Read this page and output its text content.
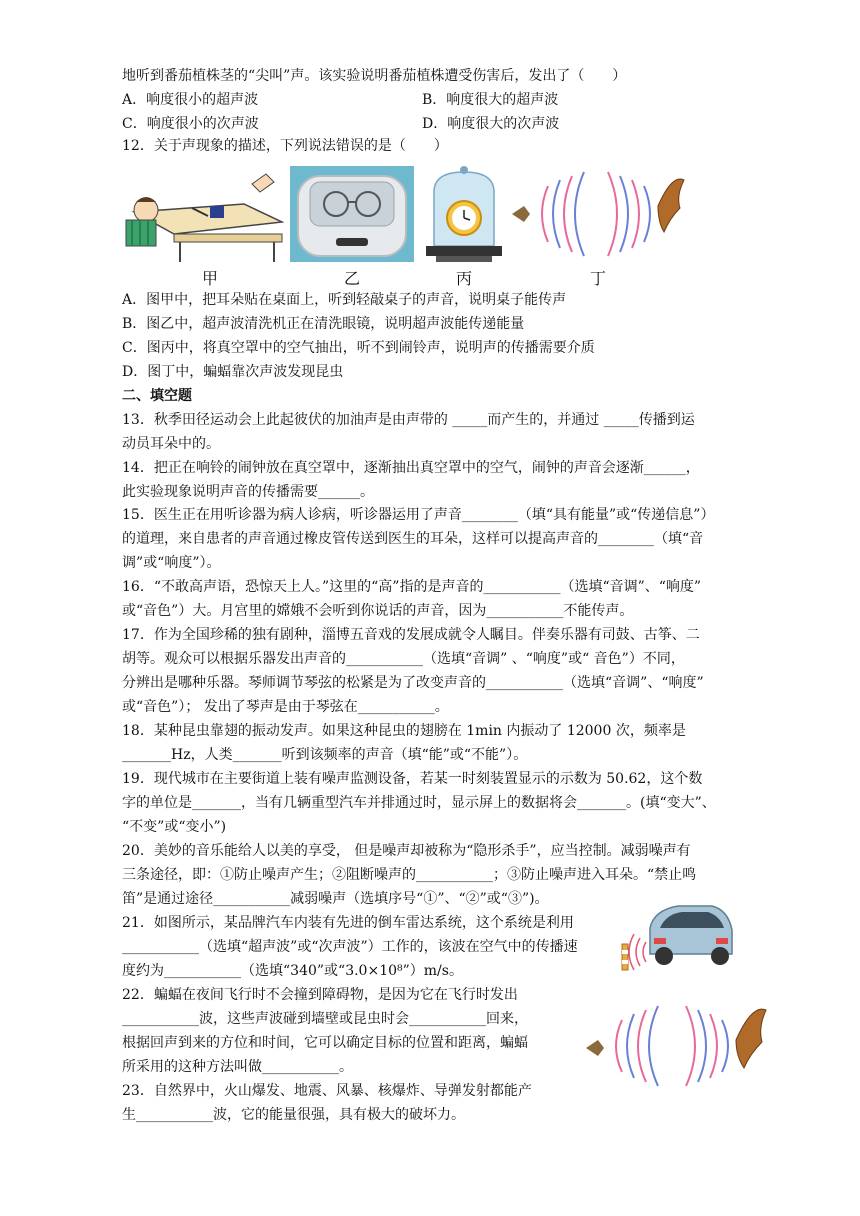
地听到番茄植株茎的“尖叫”声。该实验说明番茄植株遭受伤害后，发出了（　　）
A．响度很小的超声波	B．响度很大的超声波
C．响度很小的次声波	D．响度很大的次声波
12．关于声现象的描述，下列说法错误的是（　　）
甲	乙	丙	丁
A．图甲中，把耳朵贴在桌面上，听到轻敲桌子的声音，说明桌子能传声
B．图乙中，超声波清洗机正在清洗眼镜，说明超声波能传递能量
C．图丙中，将真空罩中的空气抽出，听不到闹铃声，说明声的传播需要介质
D．图丁中，蝙蝠靠次声波发现昆虫
二、填空题
13．秋季田径运动会上此起彼伏的加油声是由声带的 _____而产生的，并通过 _____传播到运
动员耳朵中的。
14．把正在响铃的闹钟放在真空罩中，逐渐抽出真空罩中的空气，闹钟的声音会逐渐______，
此实验现象说明声音的传播需要______。
15．医生正在用听诊器为病人诊病，听诊器运用了声音________（填“具有能量”或“传递信息”）
的道理，来自患者的声音通过橡皮管传送到医生的耳朵，这样可以提高声音的________（填“音
调”或“响度”）。
16．“不敢高声语，恐惊天上人。”这里的“高”指的是声音的___________（选填“音调”、“响度”
或“音色”）大。月宫里的嫦娥不会听到你说话的声音，因为___________不能传声。
17．作为全国珍稀的独有剧种，淄博五音戏的发展成就令人瞩目。伴奏乐器有司鼓、古筝、二
胡等。观众可以根据乐器发出声音的___________（选填“音调” 、“响度”或“ 音色”）不同，
分辨出是哪种乐器。琴师调节琴弦的松紧是为了改变声音的___________（选填“音调”、“响度”
或“音色”）； 发出了琴声是由于琴弦在___________。
18．某种昆虫靠翅的振动发声。如果这种昆虫的翅膀在 1min 内振动了 12000 次，频率是
_______Hz，人类_______听到该频率的声音（填“能”或“不能”）。
19．现代城市在主要街道上装有噪声监测设备，若某一时刻装置显示的示数为 50.62，这个数
字的单位是_______，当有几辆重型汽车并排通过时，显示屏上的数据将会_______。(填“变大”、
“不变”或“变小”)
20．美妙的音乐能给人以美的享受， 但是噪声却被称为“隐形杀手”，应当控制。减弱噪声有
三条途径，即：①防止噪声产生；②阻断噪声的___________；③防止噪声进入耳朵。“禁止鸣
笛”是通过途径___________减弱噪声（选填序号“①”、“②”或“③”)。
21．如图所示，某品牌汽车内装有先进的倒车雷达系统，这个系统是利用
___________（选填“超声波”或“次声波”）工作的，该波在空气中的传播速
度约为___________（选填“340”或“3.0×10⁸”）m/s。
22．蝙蝠在夜间飞行时不会撞到障碍物，是因为它在飞行时发出
___________波，这些声波碰到墙壁或昆虫时会___________回来，
根据回声到来的方位和时间，它可以确定目标的位置和距离，蝙蝠
所采用的这种方法叫做___________。
23．自然界中，火山爆发、地震、风暴、核爆炸、导弹发射都能产
生___________波，它的能量很强，具有极大的破坏力。
